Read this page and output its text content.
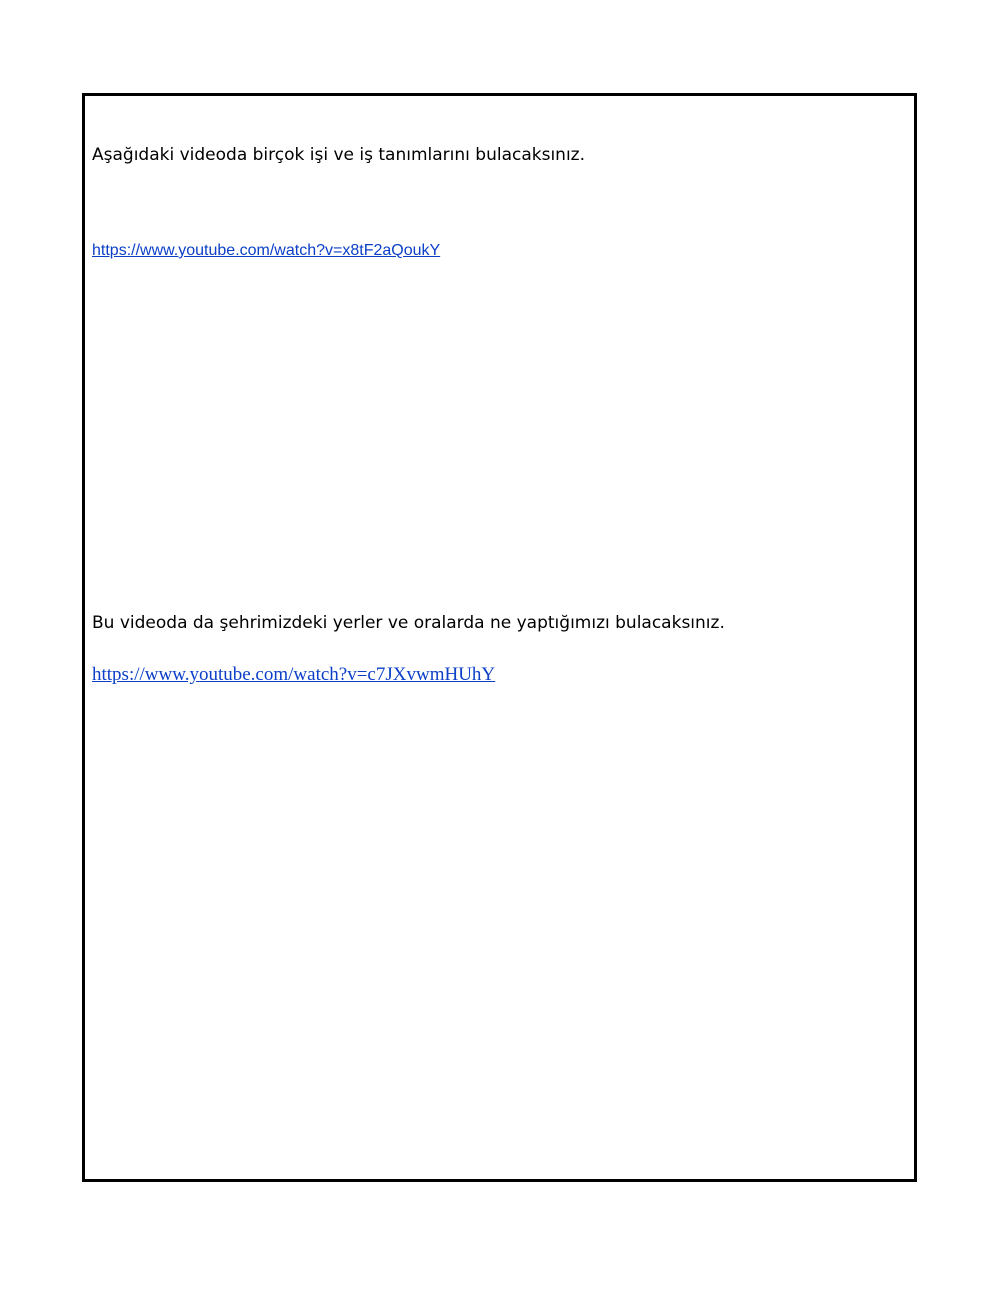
Aşağıdaki videoda birçok işi ve iş tanımlarını bulacaksınız.

https://www.youtube.com/watch?v=x8tF2aQoukY

Bu videoda da şehrimizdeki yerler ve oralarda ne yaptığımızı bulacaksınız.

https://www.youtube.com/watch?v=c7JXvwmHUhY
